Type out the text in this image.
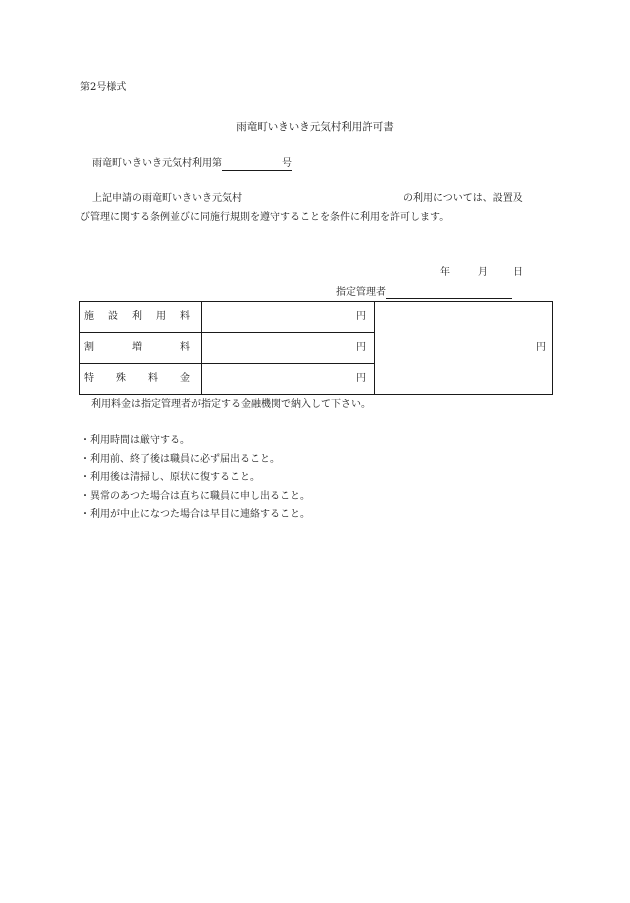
第2号様式
雨竜町いきいき元気村利用許可書
雨竜町いきいき元気村利用第	号
上記申請の雨竜町いきいき元気村	の利用については、設置及
び管理に関する条例並びに同施行規則を遵守することを条件に利用を許可します。
年	月	日
指定管理者
施 設 利 用 料	円	円

割 増 料	円	

特 殊 料 金	円	
利用料金は指定管理者が指定する金融機関で納入して下さい。
・利用時間は厳守する。
・利用前、終了後は職員に必ず届出ること。
・利用後は清掃し、原状に復すること。
・異常のあつた場合は直ちに職員に申し出ること。
・利用が中止になつた場合は早目に連絡すること。
